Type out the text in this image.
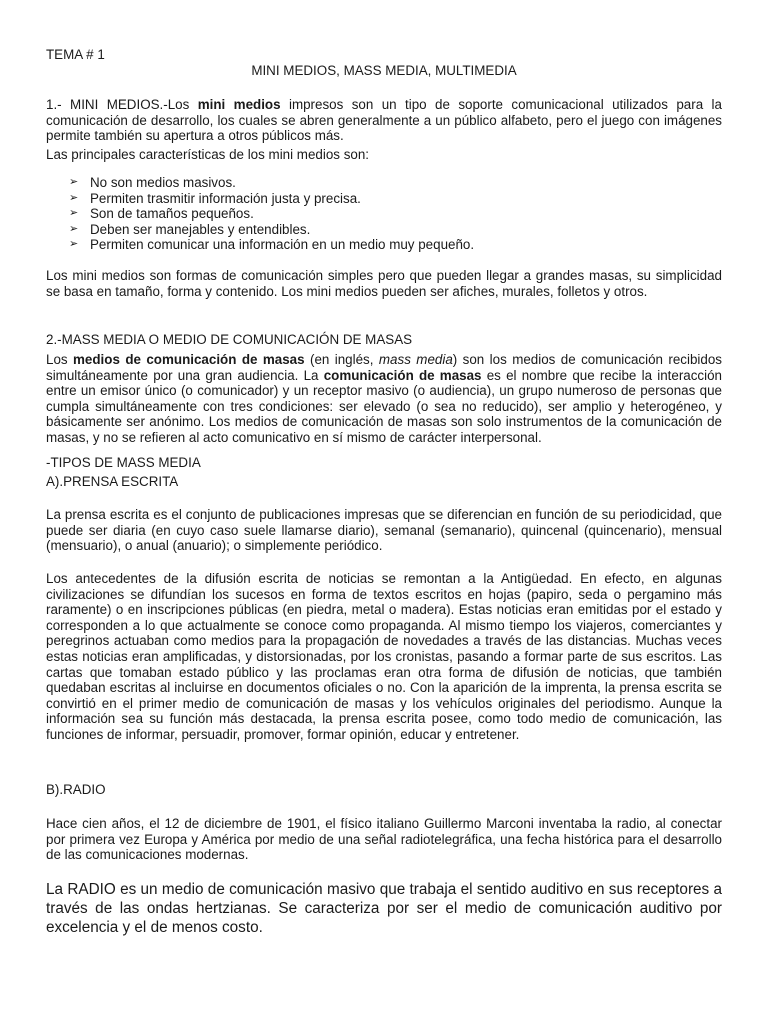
TEMA # 1

MINI MEDIOS, MASS MEDIA, MULTIMEDIA

1.- MINI MEDIOS.-Los mini medios impresos son un tipo de soporte comunicacional utilizados para la comunicación de desarrollo, los cuales se abren generalmente a un público alfabeto, pero el juego con imágenes permite también su apertura a otros públicos más.

Las principales características de los mini medios son:

➢ No son medios masivos.
➢ Permiten trasmitir información justa y precisa.
➢ Son de tamaños pequeños.
➢ Deben ser manejables y entendibles.
➢ Permiten comunicar una información en un medio muy pequeño.

Los mini medios son formas de comunicación simples pero que pueden llegar a grandes masas, su simplicidad se basa en tamaño, forma y contenido. Los mini medios pueden ser afiches, murales, folletos y otros.

2.-MASS MEDIA O MEDIO DE COMUNICACIÓN DE MASAS

Los medios de comunicación de masas (en inglés, mass media) son los medios de comunicación recibidos simultáneamente por una gran audiencia. La comunicación de masas es el nombre que recibe la interacción entre un emisor único (o comunicador) y un receptor masivo (o audiencia), un grupo numeroso de personas que cumpla simultáneamente con tres condiciones: ser elevado (o sea no reducido), ser amplio y heterogéneo, y básicamente ser anónimo. Los medios de comunicación de masas son solo instrumentos de la comunicación de masas, y no se refieren al acto comunicativo en sí mismo de carácter interpersonal.

-TIPOS DE MASS MEDIA

A).PRENSA ESCRITA

La prensa escrita es el conjunto de publicaciones impresas que se diferencian en función de su periodicidad, que puede ser diaria (en cuyo caso suele llamarse diario), semanal (semanario), quincenal (quincenario), mensual (mensuario), o anual (anuario); o simplemente periódico.

Los antecedentes de la difusión escrita de noticias se remontan a la Antigüedad. En efecto, en algunas civilizaciones se difundían los sucesos en forma de textos escritos en hojas (papiro, seda o pergamino más raramente) o en inscripciones públicas (en piedra, metal o madera). Estas noticias eran emitidas por el estado y corresponden a lo que actualmente se conoce como propaganda. Al mismo tiempo los viajeros, comerciantes y peregrinos actuaban como medios para la propagación de novedades a través de las distancias. Muchas veces estas noticias eran amplificadas, y distorsionadas, por los cronistas, pasando a formar parte de sus escritos. Las cartas que tomaban estado público y las proclamas eran otra forma de difusión de noticias, que también quedaban escritas al incluirse en documentos oficiales o no. Con la aparición de la imprenta, la prensa escrita se convirtió en el primer medio de comunicación de masas y los vehículos originales del periodismo. Aunque la información sea su función más destacada, la prensa escrita posee, como todo medio de comunicación, las funciones de informar, persuadir, promover, formar opinión, educar y entretener.

B).RADIO

Hace cien años, el 12 de diciembre de 1901, el físico italiano Guillermo Marconi inventaba la radio, al conectar por primera vez Europa y América por medio de una señal radiotelegráfica, una fecha histórica para el desarrollo de las comunicaciones modernas.

La RADIO es un medio de comunicación masivo que trabaja el sentido auditivo en sus receptores a través de las ondas hertzianas. Se caracteriza por ser el medio de comunicación auditivo por excelencia y el de menos costo.
